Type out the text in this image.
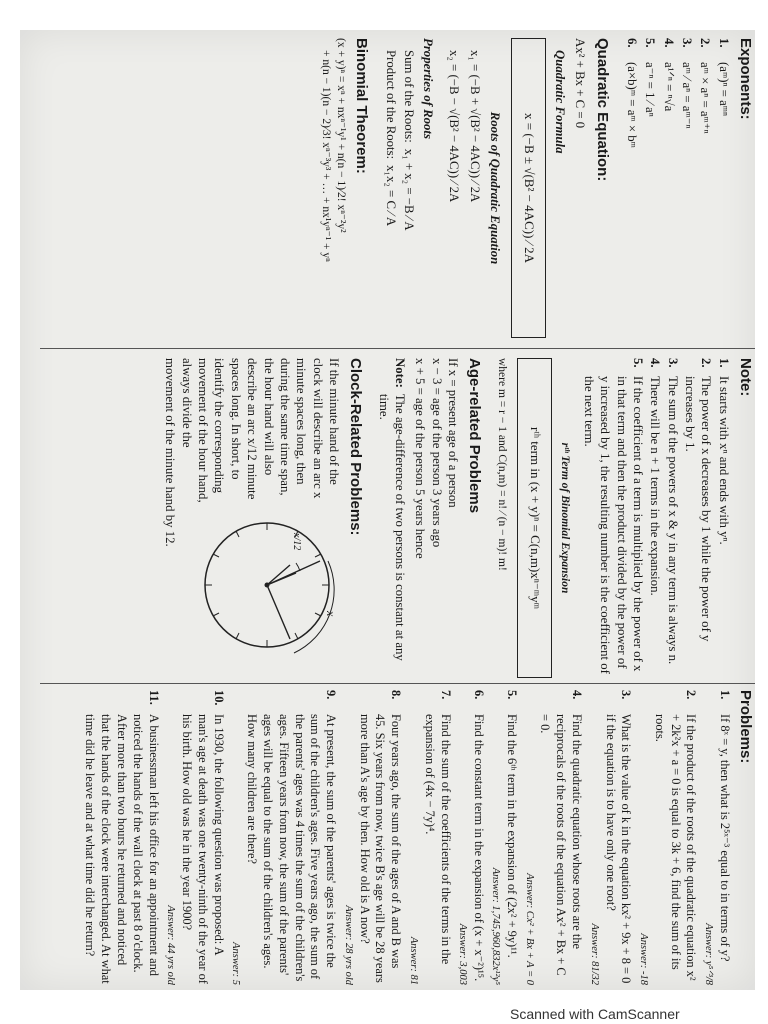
Exponents:
1.
(aᵐ)ⁿ = aᵐⁿ
2.
aᵐ × aⁿ = aᵐ⁺ⁿ
3.
aᵐ ⁄ aⁿ = aᵐ⁻ⁿ
4.
a¹ᐟⁿ = ⁿ√a
5.
a⁻ⁿ = 1 ⁄ aⁿ
6.
(a×b)ᵐ = aᵐ × bᵐ
Quadratic Equation:
Ax² + Bx + C = 0
Quadratic Formula
x = (−B ± √(B² − 4AC)) ⁄ 2A
Roots of Quadratic Equation
x₁ = (−B + √(B² − 4AC)) ⁄ 2A
x₂ = (−B − √(B² − 4AC)) ⁄ 2A
Properties of Roots
Sum of the Roots:
x₁ + x₂ = −B ⁄ A
Product of the Roots:
x₁x₂ = C ⁄ A
Binomial Theorem:
(x + y)ⁿ = xⁿ + nxⁿ⁻¹y¹ + n(n − 1)⁄2! xⁿ⁻²y²
+ n(n − 1)(n − 2)⁄3! xⁿ⁻³y³ + … + nx¹yⁿ⁻¹ + yⁿ
Note:
1.
It starts with xⁿ and ends with yⁿ.
2.
The power of x decreases by 1 while the power of y increases by 1.
3.
The sum of the powers of x & y in any term is always n.
4.
There will be n + 1 terms in the expansion.
5.
If the coefficient of a term is multiplied by the power of x in that term and then the product divided by the power of y increased by 1, the resulting number is the coefficient of the next term.
rᵗʰ Term of Binomial Expansion
rᵗʰ term in (x + y)ⁿ = C(n,m)xⁿ⁻ᵐyᵐ
where m = r − 1 and C(n,m) = n! ⁄ (n − m)! m!
Age-related Problems
If x = present age of a person
x − 3 = age of the person 3 years ago
x + 5 = age of the person 5 years hence
Note:
The age-difference of two persons is constant at any time.
Clock-Related Problems:
x
x/12
If the minute hand of the clock will describe an arc x minute spaces long, then during the same time span, the hour hand will also describe an arc x/12 minute spaces long. In short, to identify the corresponding movement of the hour hand, always divide the movement of the minute hand by 12.
Problems:
1.
If 8ˣ = y, then what is 2⁵ˣ⁻³ equal to in terms of y?
Answer: y⁵ᐟ³/8
2.
If the product of the roots of the quadratic equation x² + 2k²x + a = 0 is equal to 3k + 6, find the sum of its roots.
Answer: -18
3.
What is the value of k in the equation kx² + 9x + 8 = 0 if the equation is to have only one root?
Answer: 81/32
4.
Find the quadratic equation whose roots are the reciprocals of the roots of the equation Ax² + Bx + C = 0.
Answer: Cx² + Bx + A = 0
5.
Find the 6ᵗʰ term in the expansion of (2x² + 9y)¹¹.
Answer: 1,745,960,832x¹²y⁵
6.
Find the constant term in the expansion of (x + x⁻²)¹⁵.
Answer: 3,003
7.
Find the sum of the coefficients of the terms in the expansion of (4x − 7y)⁴.
Answer: 81
8.
Four years ago, the sum of the ages of A and B was 45. Six years from now, twice B's age will be 28 years more than A's age by then. How old is A now?
Answer: 28 yrs old
9.
At present, the sum of the parents' ages is twice the sum of the children's ages. Five years ago, the sum of the parents' ages was 4 times the sum of the children's ages. Fifteen years from now, the sum of the parents' ages will be equal to the sum of the children's ages. How many children are there?
Answer: 5
10.
In 1930, the following question was proposed: A man's age at death was one twenty-ninth of the year of his birth. How old was he in the year 1900?
Answer: 44 yrs old
11.
A businessman left his office for an appointment and noticed the hands of the wall clock at past 8 o'clock. After more than two hours he returned and noticed that the hands of the clock were interchanged. At what time did he leave and at what time did he return?
Scanned with CamScanner
